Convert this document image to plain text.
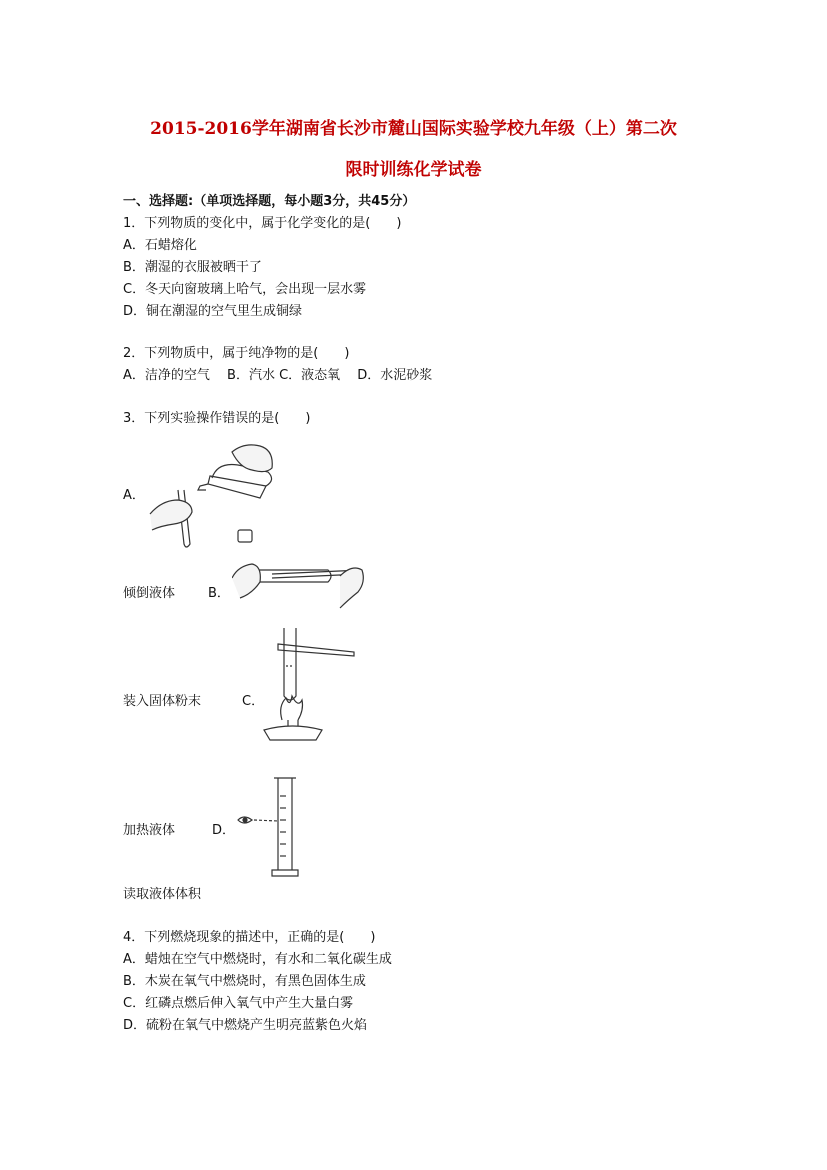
2015-2016学年湖南省长沙市麓山国际实验学校九年级（上）第二次
限时训练化学试卷
一、选择题:（单项选择题，每小题3分，共45分）
1．下列物质的变化中，属于化学变化的是(　　)
A．石蜡熔化
B．潮湿的衣服被晒干了
C．冬天向窗玻璃上哈气，会出现一层水雾
D．铜在潮湿的空气里生成铜绿
2．下列物质中，属于纯净物的是(　　)
A．洁净的空气　 B．汽水 C．液态氧　 D．水泥砂浆
3．下列实验操作错误的是(　　)
A．
倾倒液体	B．
装入固体粉末	C．
加热液体	D．
读取液体体积
4．下列燃烧现象的描述中，正确的是(　　)
A．蜡烛在空气中燃烧时，有水和二氧化碳生成
B．木炭在氧气中燃烧时，有黑色固体生成
C．红磷点燃后伸入氧气中产生大量白雾
D．硫粉在氧气中燃烧产生明亮蓝紫色火焰
